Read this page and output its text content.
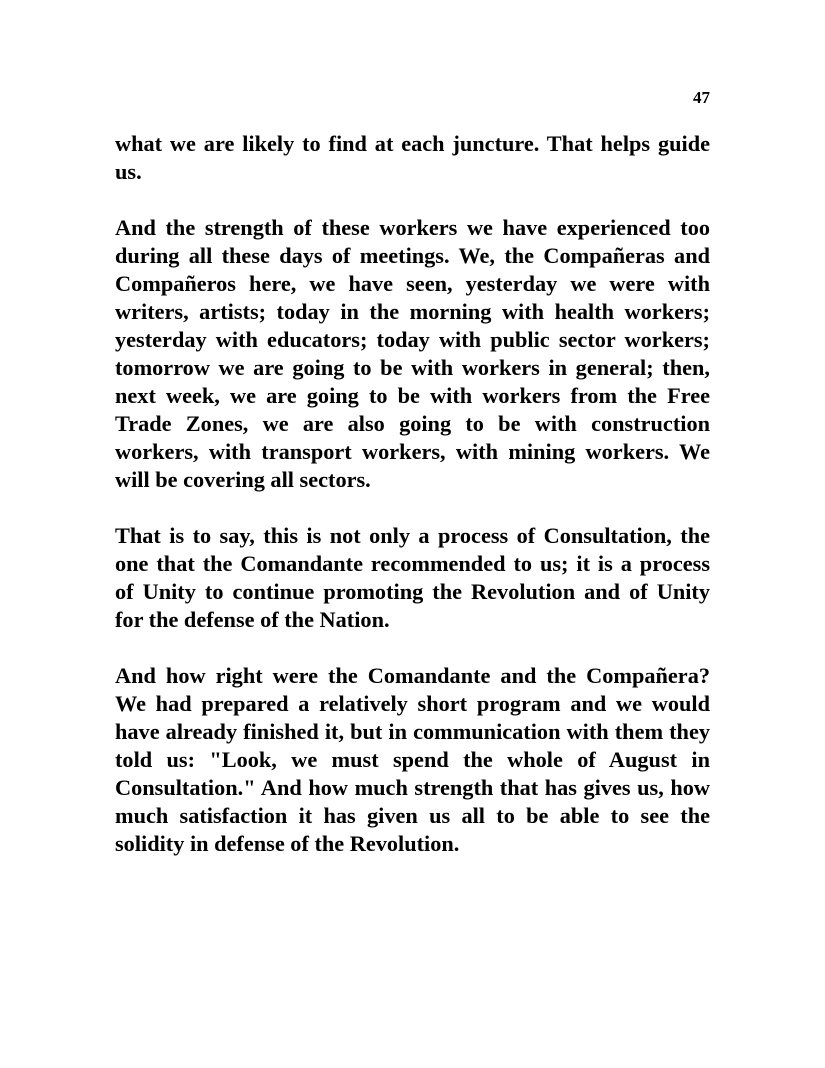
47

what we are likely to find at each juncture. That helps guide us.

And the strength of these workers we have experienced too during all these days of meetings. We, the Compañeras and Compañeros here, we have seen, yesterday we were with writers, artists; today in the morning with health workers; yesterday with educators; today with public sector workers; tomorrow we are going to be with workers in general; then, next week, we are going to be with workers from the Free Trade Zones, we are also going to be with construction workers, with transport workers, with mining workers. We will be covering all sectors.

That is to say, this is not only a process of Consultation, the one that the Comandante recommended to us; it is a process of Unity to continue promoting the Revolution and of Unity for the defense of the Nation.

And how right were the Comandante and the Compañera? We had prepared a relatively short program and we would have already finished it, but in communication with them they told us: "Look, we must spend the whole of August in Consultation." And how much strength that has gives us, how much satisfaction it has given us all to be able to see the solidity in defense of the Revolution.
